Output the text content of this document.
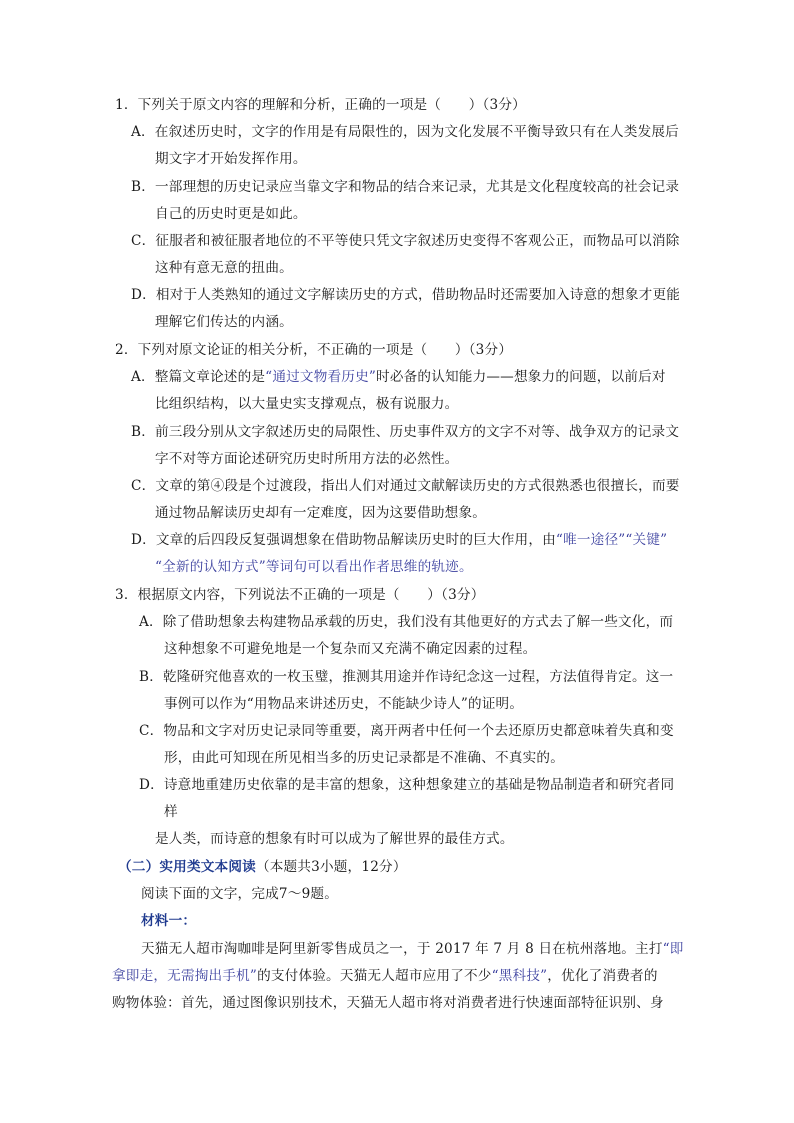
1．下列关于原文内容的理解和分析，正确的一项是（　　）（3分）
A．在叙述历史时，文字的作用是有局限性的，因为文化发展不平衡导致只有在人类发展后
期文字才开始发挥作用。
B．一部理想的历史记录应当靠文字和物品的结合来记录，尤其是文化程度较高的社会记录
自己的历史时更是如此。
C．征服者和被征服者地位的不平等使只凭文字叙述历史变得不客观公正，而物品可以消除
这种有意无意的扭曲。
D．相对于人类熟知的通过文字解读历史的方式，借助物品时还需要加入诗意的想象才更能
理解它们传达的内涵。
2．下列对原文论证的相关分析，不正确的一项是（　　）（3分）
A．整篇文章论述的是“通过文物看历史”时必备的认知能力——想象力的问题，以前后对
比组织结构，以大量史实支撑观点，极有说服力。
B．前三段分别从文字叙述历史的局限性、历史事件双方的文字不对等、战争双方的记录文
字不对等方面论述研究历史时所用方法的必然性。
C．文章的第④段是个过渡段，指出人们对通过文献解读历史的方式很熟悉也很擅长，而要
通过物品解读历史却有一定难度，因为这要借助想象。
D．文章的后四段反复强调想象在借助物品解读历史时的巨大作用，由“唯一途径”“关键”
“全新的认知方式”等词句可以看出作者思维的轨迹。
3．根据原文内容，下列说法不正确的一项是（　　）（3分）
A．除了借助想象去构建物品承载的历史，我们没有其他更好的方式去了解一些文化，而
这种想象不可避免地是一个复杂而又充满不确定因素的过程。
B．乾隆研究他喜欢的一枚玉璧，推测其用途并作诗纪念这一过程，方法值得肯定。这一
事例可以作为“用物品来讲述历史，不能缺少诗人”的证明。
C．物品和文字对历史记录同等重要，离开两者中任何一个去还原历史都意味着失真和变
形，由此可知现在所见相当多的历史记录都是不准确、不真实的。
D．诗意地重建历史依靠的是丰富的想象，这种想象建立的基础是物品制造者和研究者同
样
是人类，而诗意的想象有时可以成为了解世界的最佳方式。
（二）实用类文本阅读（本题共3小题，12分）
阅读下面的文字，完成7～9题。
材料一：
天猫无人超市淘咖啡是阿里新零售成员之一，于 2017 年 7 月 8 日在杭州落地。主打“即
拿即走，无需掏出手机”的支付体验。天猫无人超市应用了不少“黑科技”，优化了消费者的
购物体验：首先，通过图像识别技术，天猫无人超市将对消费者进行快速面部特征识别、身
